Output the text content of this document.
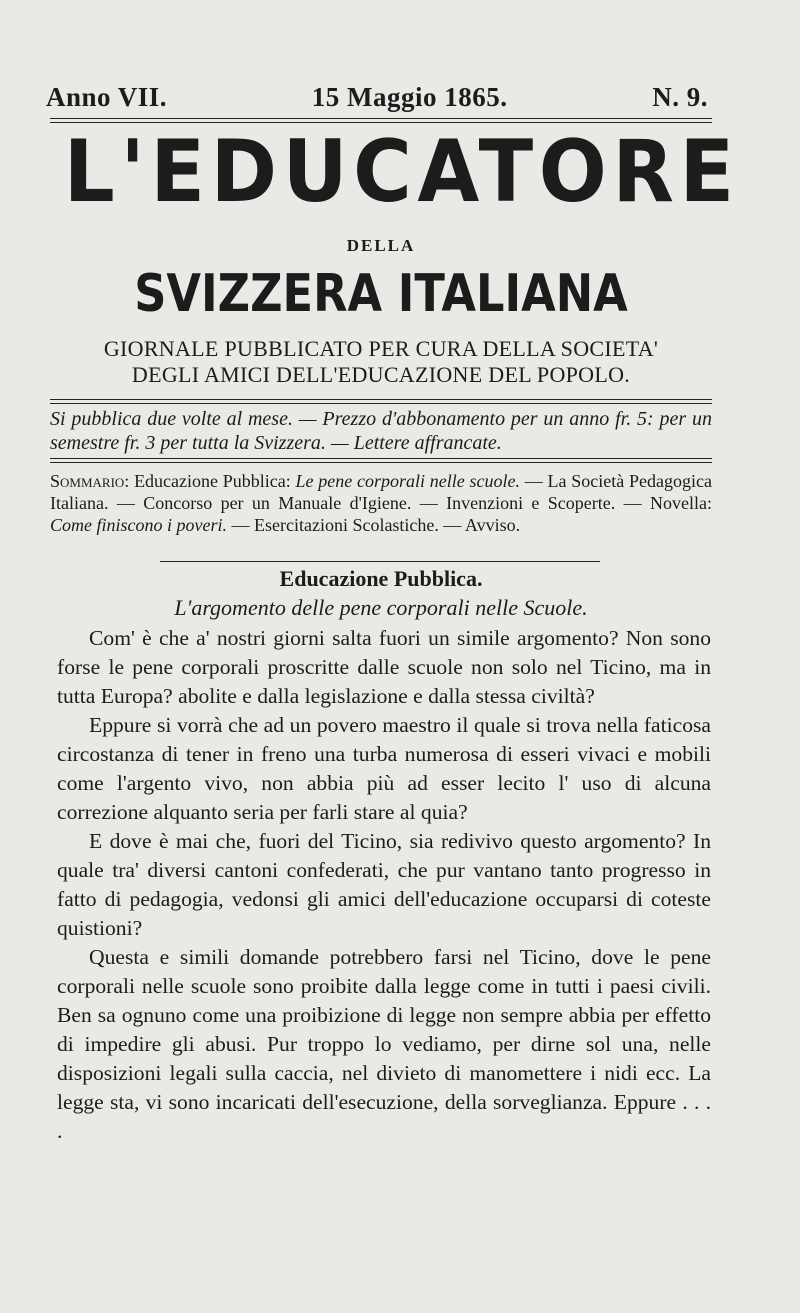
Anno VII.	15 Maggio 1865.	N. 9.
L'EDUCATORE
DELLA
SVIZZERA ITALIANA
GIORNALE PUBBLICATO PER CURA DELLA SOCIETA'
DEGLI AMICI DELL'EDUCAZIONE DEL POPOLO.
Si pubblica due volte al mese. — Prezzo d'abbonamento per un anno fr. 5: per un semestre fr. 3 per tutta la Svizzera. — Lettere affrancate.
Sommario: Educazione Pubblica: Le pene corporali nelle scuole. — La Società Pedagogica Italiana. — Concorso per un Manuale d'Igiene. — Invenzioni e Scoperte. — Novella: Come finiscono i poveri. — Esercitazioni Scolastiche. — Avviso.
Educazione Pubblica.
L'argomento delle pene corporali nelle Scuole.

Com' è che a' nostri giorni salta fuori un simile argomento? Non sono forse le pene corporali proscritte dalle scuole non solo nel Ticino, ma in tutta Europa? abolite e dalla legislazione e dalla stessa civiltà?

Eppure si vorrà che ad un povero maestro il quale si trova nella faticosa circostanza di tener in freno una turba numerosa di esseri vivaci e mobili come l'argento vivo, non abbia più ad esser lecito l' uso di alcuna correzione alquanto seria per farli stare al quia?

E dove è mai che, fuori del Ticino, sia redivivo questo argomento? In quale tra' diversi cantoni confederati, che pur vantano tanto progresso in fatto di pedagogia, vedonsi gli amici dell'educazione occuparsi di coteste quistioni?

Questa e simili domande potrebbero farsi nel Ticino, dove le pene corporali nelle scuole sono proibite dalla legge come in tutti i paesi civili. Ben sa ognuno come una proibizione di legge non sempre abbia per effetto di impedire gli abusi. Pur troppo lo vediamo, per dirne sol una, nelle disposizioni legali sulla caccia, nel divieto di manomettere i nidi ecc. La legge sta, vi sono incaricati dell'esecuzione, della sorveglianza. Eppure . . . .
